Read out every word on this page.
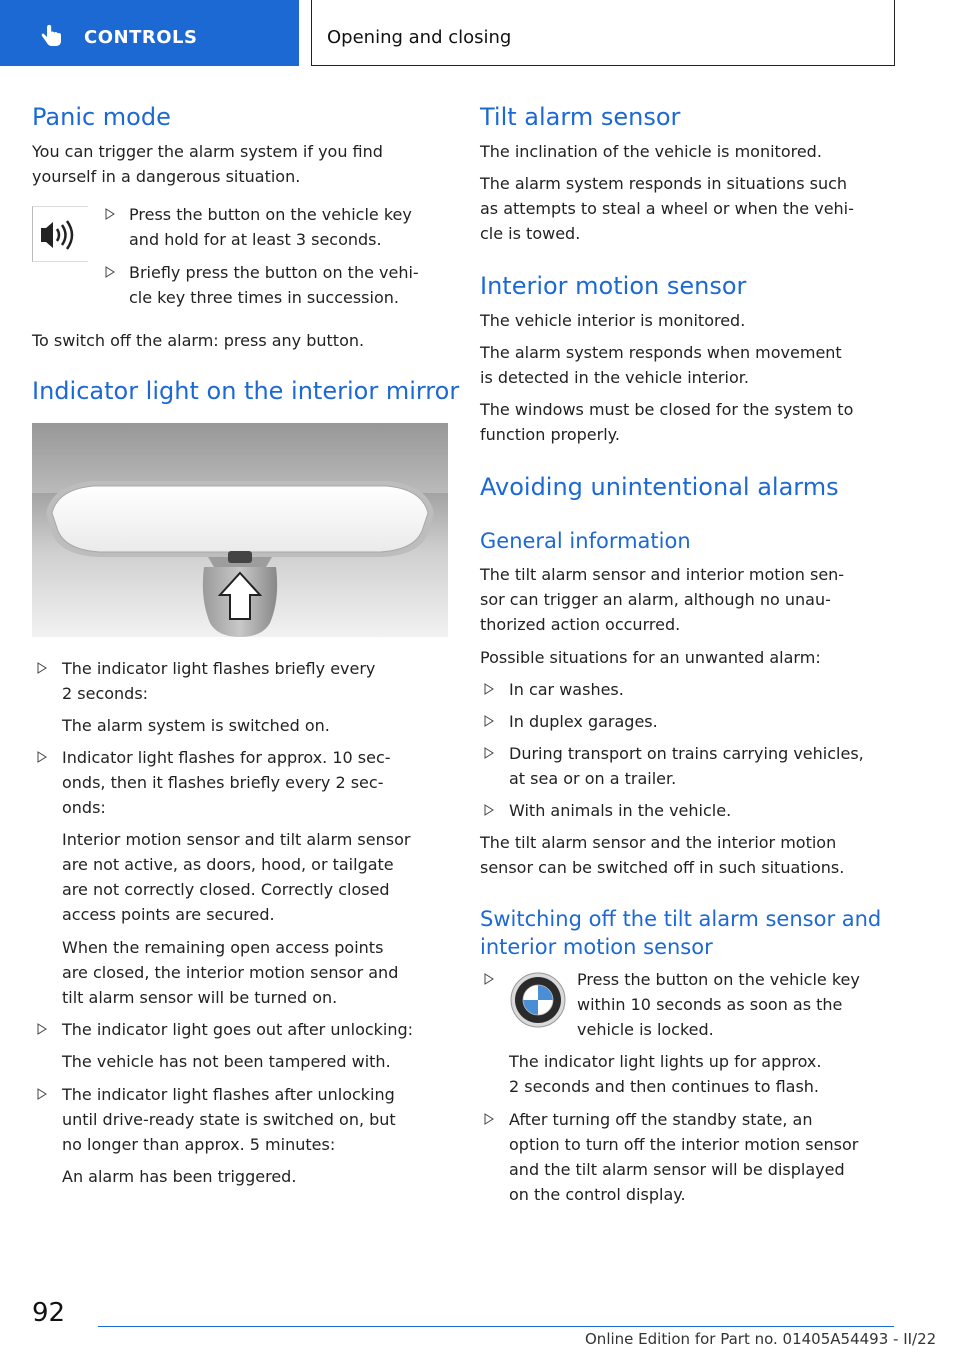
CONTROLS	Opening and closing
Panic mode
You can trigger the alarm system if you find
yourself in a dangerous situation.
Press the button on the vehicle key
and hold for at least 3 seconds.
Briefly press the button on the vehi‐
cle key three times in succession.
To switch off the alarm: press any button.
Indicator light on the interior mirror
The indicator light flashes briefly every
2 seconds:
The alarm system is switched on.
Indicator light flashes for approx. 10 sec‐
onds, then it flashes briefly every 2 sec‐
onds:
Interior motion sensor and tilt alarm sensor
are not active, as doors, hood, or tailgate
are not correctly closed. Correctly closed
access points are secured.
When the remaining open access points
are closed, the interior motion sensor and
tilt alarm sensor will be turned on.
The indicator light goes out after unlocking:
The vehicle has not been tampered with.
The indicator light flashes after unlocking
until drive-ready state is switched on, but
no longer than approx. 5 minutes:
An alarm has been triggered.
Tilt alarm sensor
The inclination of the vehicle is monitored.
The alarm system responds in situations such
as attempts to steal a wheel or when the vehi‐
cle is towed.
Interior motion sensor
The vehicle interior is monitored.
The alarm system responds when movement
is detected in the vehicle interior.
The windows must be closed for the system to
function properly.
Avoiding unintentional alarms
General information
The tilt alarm sensor and interior motion sen‐
sor can trigger an alarm, although no unau‐
thorized action occurred.
Possible situations for an unwanted alarm:
In car washes.
In duplex garages.
During transport on trains carrying vehicles,
at sea or on a trailer.
With animals in the vehicle.
The tilt alarm sensor and the interior motion
sensor can be switched off in such situations.
Switching off the tilt alarm sensor and
interior motion sensor
Press the button on the vehicle key
within 10 seconds as soon as the
vehicle is locked.
The indicator light lights up for approx.
2 seconds and then continues to flash.
After turning off the standby state, an
option to turn off the interior motion sensor
and the tilt alarm sensor will be displayed
on the control display.
92
Online Edition for Part no. 01405A54493 - II/22
